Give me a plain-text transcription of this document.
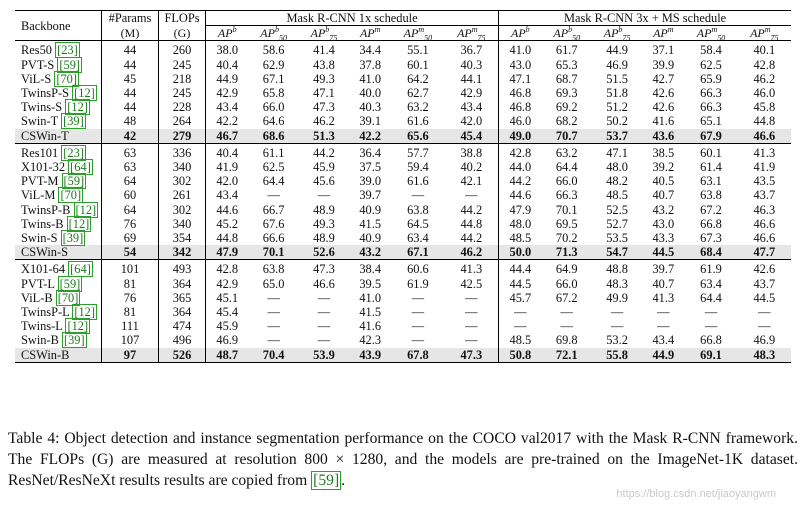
Backbone	#Params	FLOPs	Mask R-CNN 1x schedule						Mask R-CNN 3x + MS schedule					
	(M)	(G)	$AP^b$	$AP^b_{50}$	$AP^b_{75}$	$AP^m$	$AP^m_{50}$	$AP^m_{75}$	$AP^b$	$AP^b_{50}$	$AP^b_{75}$	$AP^m$	$AP^m_{50}$	$AP^m_{75}$
Res50 [23]	44	260	38.0	58.6	41.4	34.4	55.1	36.7	41.0	61.7	44.9	37.1	58.4	40.1
PVT-S [59]	44	245	40.4	62.9	43.8	37.8	60.1	40.3	43.0	65.3	46.9	39.9	62.5	42.8
ViL-S [70]	45	218	44.9	67.1	49.3	41.0	64.2	44.1	47.1	68.7	51.5	42.7	65.9	46.2
TwinsP-S [12]	44	245	42.9	65.8	47.1	40.0	62.7	42.9	46.8	69.3	51.8	42.6	66.3	46.0
Twins-S [12]	44	228	43.4	66.0	47.3	40.3	63.2	43.4	46.8	69.2	51.2	42.6	66.3	45.8
Swin-T [39]	48	264	42.2	64.6	46.2	39.1	61.6	42.0	46.0	68.2	50.2	41.6	65.1	44.8
CSWin-T	42	279	46.7	68.6	51.3	42.2	65.6	45.4	49.0	70.7	53.7	43.6	67.9	46.6
Res101 [23]	63	336	40.4	61.1	44.2	36.4	57.7	38.8	42.8	63.2	47.1	38.5	60.1	41.3
X101-32 [64]	63	340	41.9	62.5	45.9	37.5	59.4	40.2	44.0	64.4	48.0	39.2	61.4	41.9
PVT-M [59]	64	302	42.0	64.4	45.6	39.0	61.6	42.1	44.2	66.0	48.2	40.5	63.1	43.5
ViL-M [70]	60	261	43.4	—	—	39.7	—	—	44.6	66.3	48.5	40.7	63.8	43.7
TwinsP-B [12]	64	302	44.6	66.7	48.9	40.9	63.8	44.2	47.9	70.1	52.5	43.2	67.2	46.3
Twins-B [12]	76	340	45.2	67.6	49.3	41.5	64.5	44.8	48.0	69.5	52.7	43.0	66.8	46.6
Swin-S [39]	69	354	44.8	66.6	48.9	40.9	63.4	44.2	48.5	70.2	53.5	43.3	67.3	46.6
CSWin-S	54	342	47.9	70.1	52.6	43.2	67.1	46.2	50.0	71.3	54.7	44.5	68.4	47.7
X101-64 [64]	101	493	42.8	63.8	47.3	38.4	60.6	41.3	44.4	64.9	48.8	39.7	61.9	42.6
PVT-L [59]	81	364	42.9	65.0	46.6	39.5	61.9	42.5	44.5	66.0	48.3	40.7	63.4	43.7
ViL-B [70]	76	365	45.1	—	—	41.0	—	—	45.7	67.2	49.9	41.3	64.4	44.5
TwinsP-L [12]	81	364	45.4	—	—	41.5	—	—	—	—	—	—	—	—
Twins-L [12]	111	474	45.9	—	—	41.6	—	—	—	—	—	—	—	—
Swin-B [39]	107	496	46.9	—	—	42.3	—	—	48.5	69.8	53.2	43.4	66.8	46.9
CSWin-B	97	526	48.7	70.4	53.9	43.9	67.8	47.3	50.8	72.1	55.8	44.9	69.1	48.3
Table 4: Object detection and instance segmentation performance on the COCO val2017 with the Mask R-CNN framework. The FLOPs (G) are measured at resolution 800 × 1280, and the models are pre-trained on the ImageNet-1K dataset. ResNet/ResNeXt results results are copied from [59] .
https://blog.csdn.net/jiaoyangwm
